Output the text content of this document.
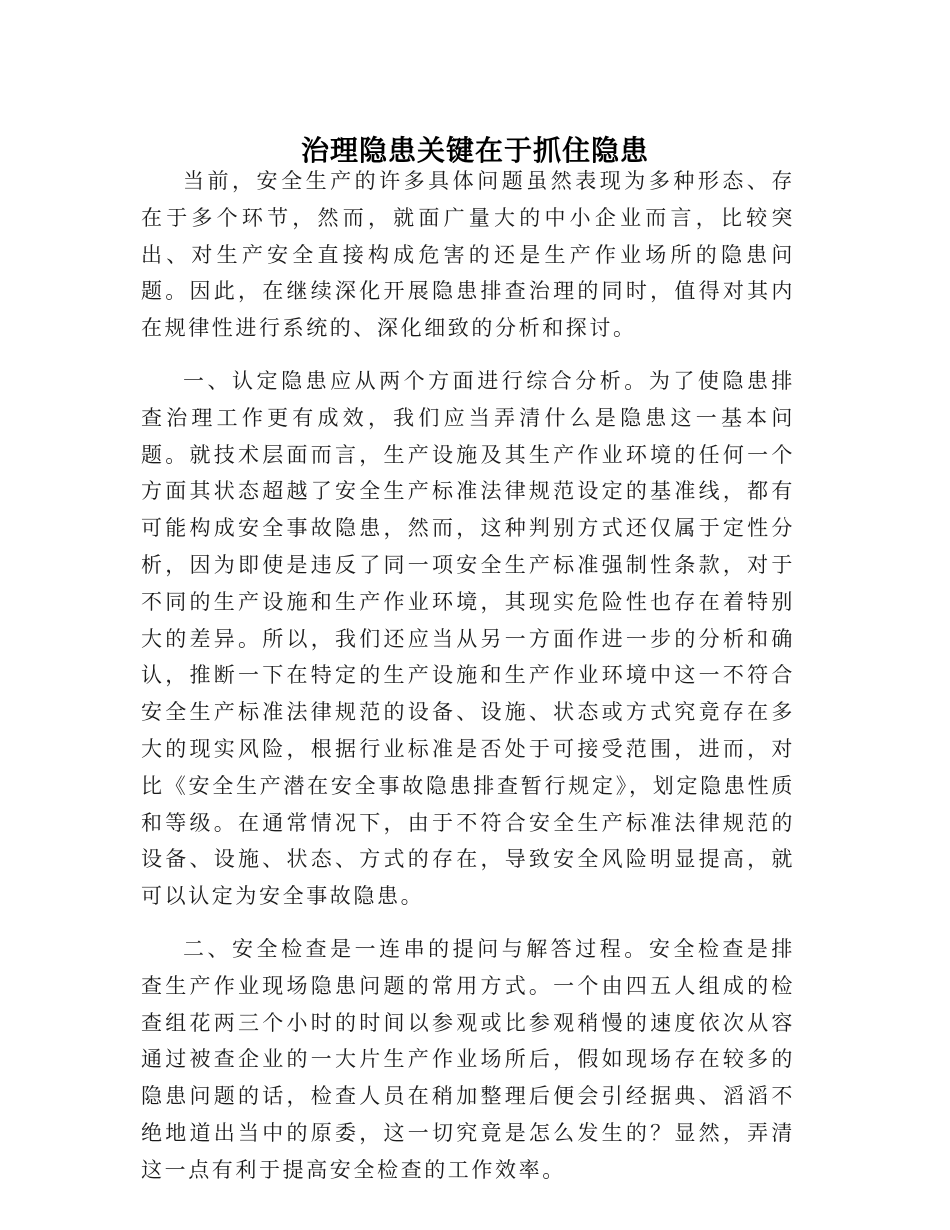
治理隐患关键在于抓住隐患

当前，安全生产的许多具体问题虽然表现为多种形态、存在于多个环节，然而，就面广量大的中小企业而言，比较突出、对生产安全直接构成危害的还是生产作业场所的隐患问题。因此，在继续深化开展隐患排查治理的同时，值得对其内在规律性进行系统的、深化细致的分析和探讨。

一、认定隐患应从两个方面进行综合分析。为了使隐患排查治理工作更有成效，我们应当弄清什么是隐患这一基本问题。就技术层面而言，生产设施及其生产作业环境的任何一个方面其状态超越了安全生产标准法律规范设定的基准线，都有可能构成安全事故隐患，然而，这种判别方式还仅属于定性分析，因为即使是违反了同一项安全生产标准强制性条款，对于不同的生产设施和生产作业环境，其现实危险性也存在着特别大的差异。所以，我们还应当从另一方面作进一步的分析和确认，推断一下在特定的生产设施和生产作业环境中这一不符合安全生产标准法律规范的设备、设施、状态或方式究竟存在多大的现实风险，根据行业标准是否处于可接受范围，进而，对比《安全生产潜在安全事故隐患排查暂行规定》，划定隐患性质和等级。在通常情况下，由于不符合安全生产标准法律规范的设备、设施、状态、方式的存在，导致安全风险明显提高，就可以认定为安全事故隐患。

二、安全检查是一连串的提问与解答过程。安全检查是排查生产作业现场隐患问题的常用方式。一个由四五人组成的检查组花两三个小时的时间以参观或比参观稍慢的速度依次从容通过被查企业的一大片生产作业场所后，假如现场存在较多的隐患问题的话，检查人员在稍加整理后便会引经据典、滔滔不绝地道出当中的原委，这一切究竟是怎么发生的？显然，弄清这一点有利于提高安全检查的工作效率。
